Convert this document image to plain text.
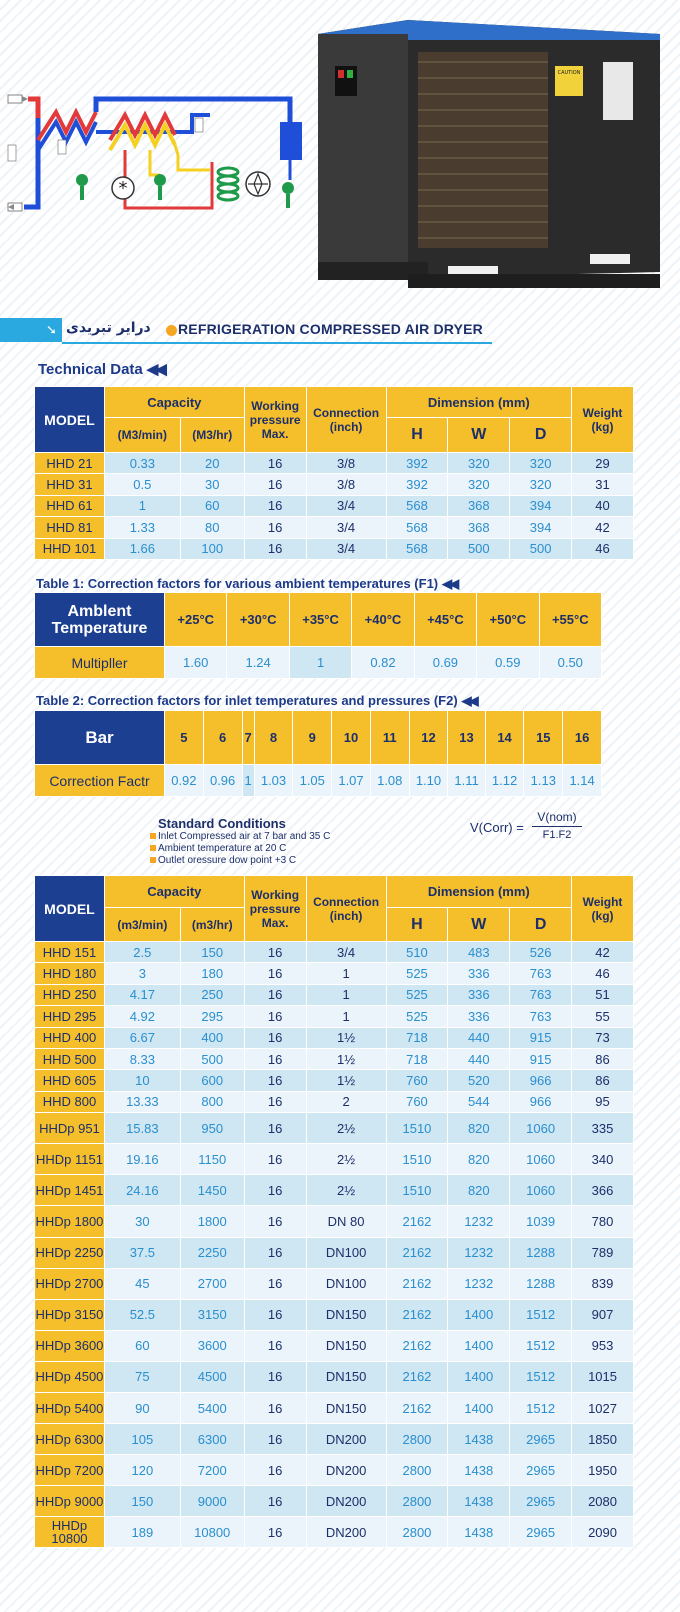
*
CAUTION
➘ درایر تبریدی REFRIGERATION COMPRESSED AIR DRYER
Technical Data ◀◀
MODEL	Capacity		Working pressure Max.	Connection (inch)	Dimension (mm)			Weight (kg)
	(M3/min)	(M3/hr)			H	W	D	
HHD 21	0.33	20	16	3/8	392	320	320	29
HHD 31	0.5	30	16	3/8	392	320	320	31
HHD 61	1	60	16	3/4	568	368	394	40
HHD 81	1.33	80	16	3/4	568	368	394	42
HHD 101	1.66	100	16	3/4	568	500	500	46
Table 1: Correction factors for various ambient temperatures (F1) ◀◀
Amblent Temperature	+25°C	+30°C	+35°C	+40°C	+45°C	+50°C	+55°C
Multipller	1.60	1.24	1	0.82	0.69	0.59	0.50
Table 2: Correction factors for inlet temperatures and pressures (F2) ◀◀
Bar	5	6	7	8	9	10	11	12	13	14	15	16
Correction Factr	0.92	0.96	1	1.03	1.05	1.07	1.08	1.10	1.11	1.12	1.13	1.14
Standard Conditions
Inlet Compressed air at 7 bar and 35 C
Ambient temperature at 20 C
Outlet oressure dow point +3 C
V(Corr) =
V(nom)
F1.F2
MODEL	Capacity		Working pressure Max.	Connection (inch)	Dimension (mm)			Weight (kg)
	(m3/min)	(m3/hr)			H	W	D	
HHD 151	2.5	150	16	3/4	510	483	526	42
HHD 180	3	180	16	1	525	336	763	46
HHD 250	4.17	250	16	1	525	336	763	51
HHD 295	4.92	295	16	1	525	336	763	55
HHD 400	6.67	400	16	1½	718	440	915	73
HHD 500	8.33	500	16	1½	718	440	915	86
HHD 605	10	600	16	1½	760	520	966	86
HHD 800	13.33	800	16	2	760	544	966	95
HHDp 951	15.83	950	16	2½	1510	820	1060	335
HHDp 1151	19.16	1150	16	2½	1510	820	1060	340
HHDp 1451	24.16	1450	16	2½	1510	820	1060	366
HHDp 1800	30	1800	16	DN 80	2162	1232	1039	780
HHDp 2250	37.5	2250	16	DN100	2162	1232	1288	789
HHDp 2700	45	2700	16	DN100	2162	1232	1288	839
HHDp 3150	52.5	3150	16	DN150	2162	1400	1512	907
HHDp 3600	60	3600	16	DN150	2162	1400	1512	953
HHDp 4500	75	4500	16	DN150	2162	1400	1512	1015
HHDp 5400	90	5400	16	DN150	2162	1400	1512	1027
HHDp 6300	105	6300	16	DN200	2800	1438	2965	1850
HHDp 7200	120	7200	16	DN200	2800	1438	2965	1950
HHDp 9000	150	9000	16	DN200	2800	1438	2965	2080
HHDp 10800	189	10800	16	DN200	2800	1438	2965	2090
